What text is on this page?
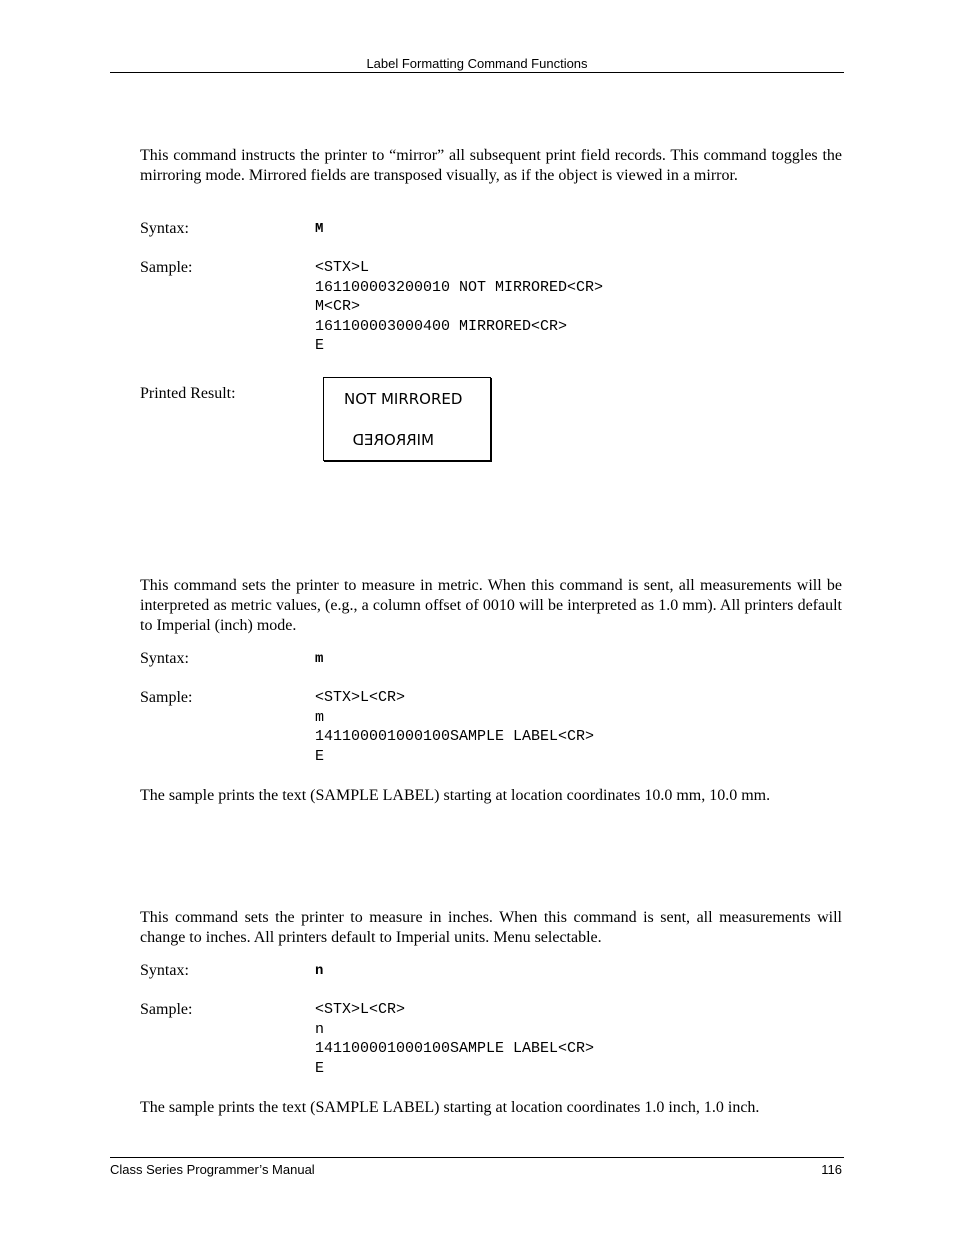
Label Formatting Command Functions
This command instructs the printer to “mirror” all subsequent print field records. This command toggles the mirroring mode. Mirrored fields are transposed visually, as if the object is viewed in a mirror.
Syntax:	M
Sample:	<STX>L
161100003200010 NOT MIRRORED<CR>
M<CR>
161100003000400 MIRRORED<CR>
E
Printed Result:	NOT MIRRORED
MIRRORED
This command sets the printer to measure in metric. When this command is sent, all measurements will be interpreted as metric values, (e.g., a column offset of 0010 will be interpreted as 1.0 mm). All printers default to Imperial (inch) mode.
Syntax:	m
Sample:	<STX>L<CR>
m
141100001000100SAMPLE LABEL<CR>
E
The sample prints the text (SAMPLE LABEL) starting at location coordinates 10.0 mm, 10.0 mm.
This command sets the printer to measure in inches. When this command is sent, all measurements will change to inches. All printers default to Imperial units. Menu selectable.
Syntax:	n
Sample:	<STX>L<CR>
n
141100001000100SAMPLE LABEL<CR>
E
The sample prints the text (SAMPLE LABEL) starting at location coordinates 1.0 inch, 1.0 inch.
Class Series Programmer’s Manual	116
